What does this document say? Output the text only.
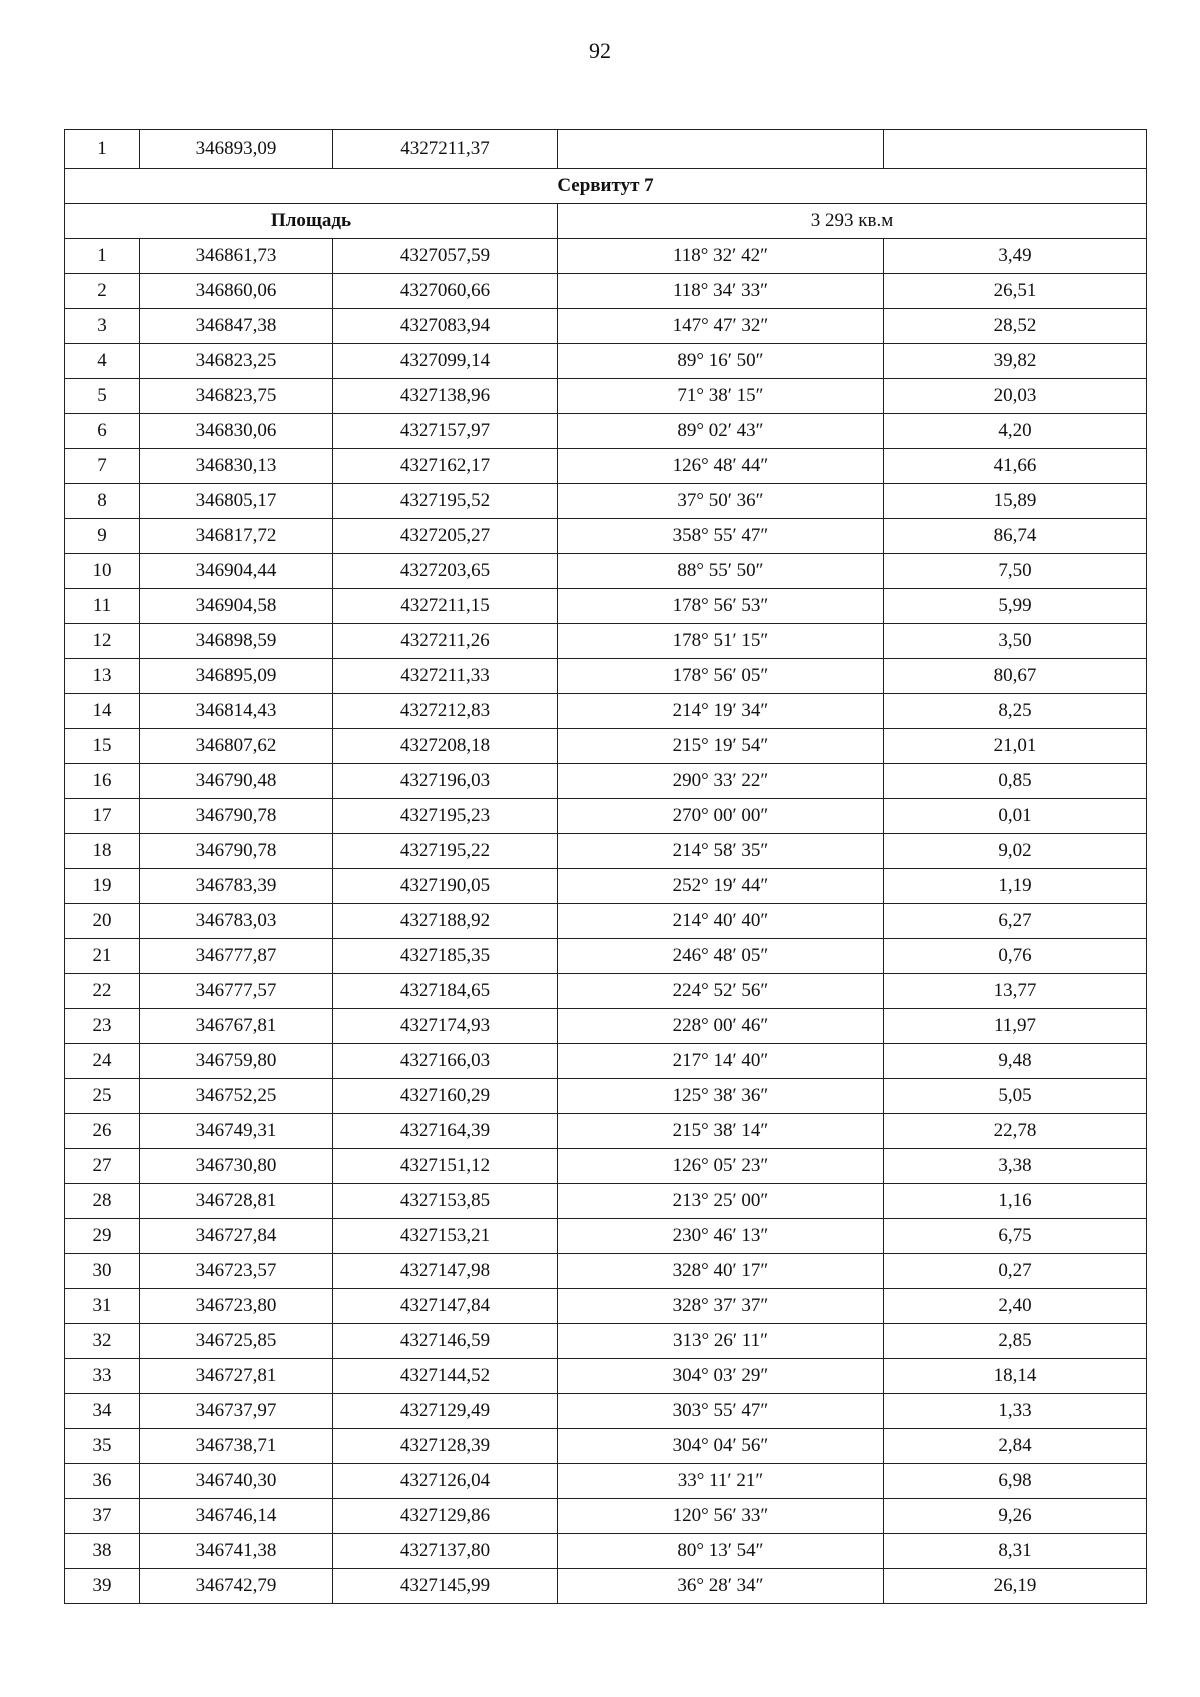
92
1	346893,09	4327211,37		
Сервитут 7				
Площадь			3 293 кв.м	
1	346861,73	4327057,59	118° 32′ 42″	3,49
2	346860,06	4327060,66	118° 34′ 33″	26,51
3	346847,38	4327083,94	147° 47′ 32″	28,52
4	346823,25	4327099,14	89° 16′ 50″	39,82
5	346823,75	4327138,96	71° 38′ 15″	20,03
6	346830,06	4327157,97	89° 02′ 43″	4,20
7	346830,13	4327162,17	126° 48′ 44″	41,66
8	346805,17	4327195,52	37° 50′ 36″	15,89
9	346817,72	4327205,27	358° 55′ 47″	86,74
10	346904,44	4327203,65	88° 55′ 50″	7,50
11	346904,58	4327211,15	178° 56′ 53″	5,99
12	346898,59	4327211,26	178° 51′ 15″	3,50
13	346895,09	4327211,33	178° 56′ 05″	80,67
14	346814,43	4327212,83	214° 19′ 34″	8,25
15	346807,62	4327208,18	215° 19′ 54″	21,01
16	346790,48	4327196,03	290° 33′ 22″	0,85
17	346790,78	4327195,23	270° 00′ 00″	0,01
18	346790,78	4327195,22	214° 58′ 35″	9,02
19	346783,39	4327190,05	252° 19′ 44″	1,19
20	346783,03	4327188,92	214° 40′ 40″	6,27
21	346777,87	4327185,35	246° 48′ 05″	0,76
22	346777,57	4327184,65	224° 52′ 56″	13,77
23	346767,81	4327174,93	228° 00′ 46″	11,97
24	346759,80	4327166,03	217° 14′ 40″	9,48
25	346752,25	4327160,29	125° 38′ 36″	5,05
26	346749,31	4327164,39	215° 38′ 14″	22,78
27	346730,80	4327151,12	126° 05′ 23″	3,38
28	346728,81	4327153,85	213° 25′ 00″	1,16
29	346727,84	4327153,21	230° 46′ 13″	6,75
30	346723,57	4327147,98	328° 40′ 17″	0,27
31	346723,80	4327147,84	328° 37′ 37″	2,40
32	346725,85	4327146,59	313° 26′ 11″	2,85
33	346727,81	4327144,52	304° 03′ 29″	18,14
34	346737,97	4327129,49	303° 55′ 47″	1,33
35	346738,71	4327128,39	304° 04′ 56″	2,84
36	346740,30	4327126,04	33° 11′ 21″	6,98
37	346746,14	4327129,86	120° 56′ 33″	9,26
38	346741,38	4327137,80	80° 13′ 54″	8,31
39	346742,79	4327145,99	36° 28′ 34″	26,19
